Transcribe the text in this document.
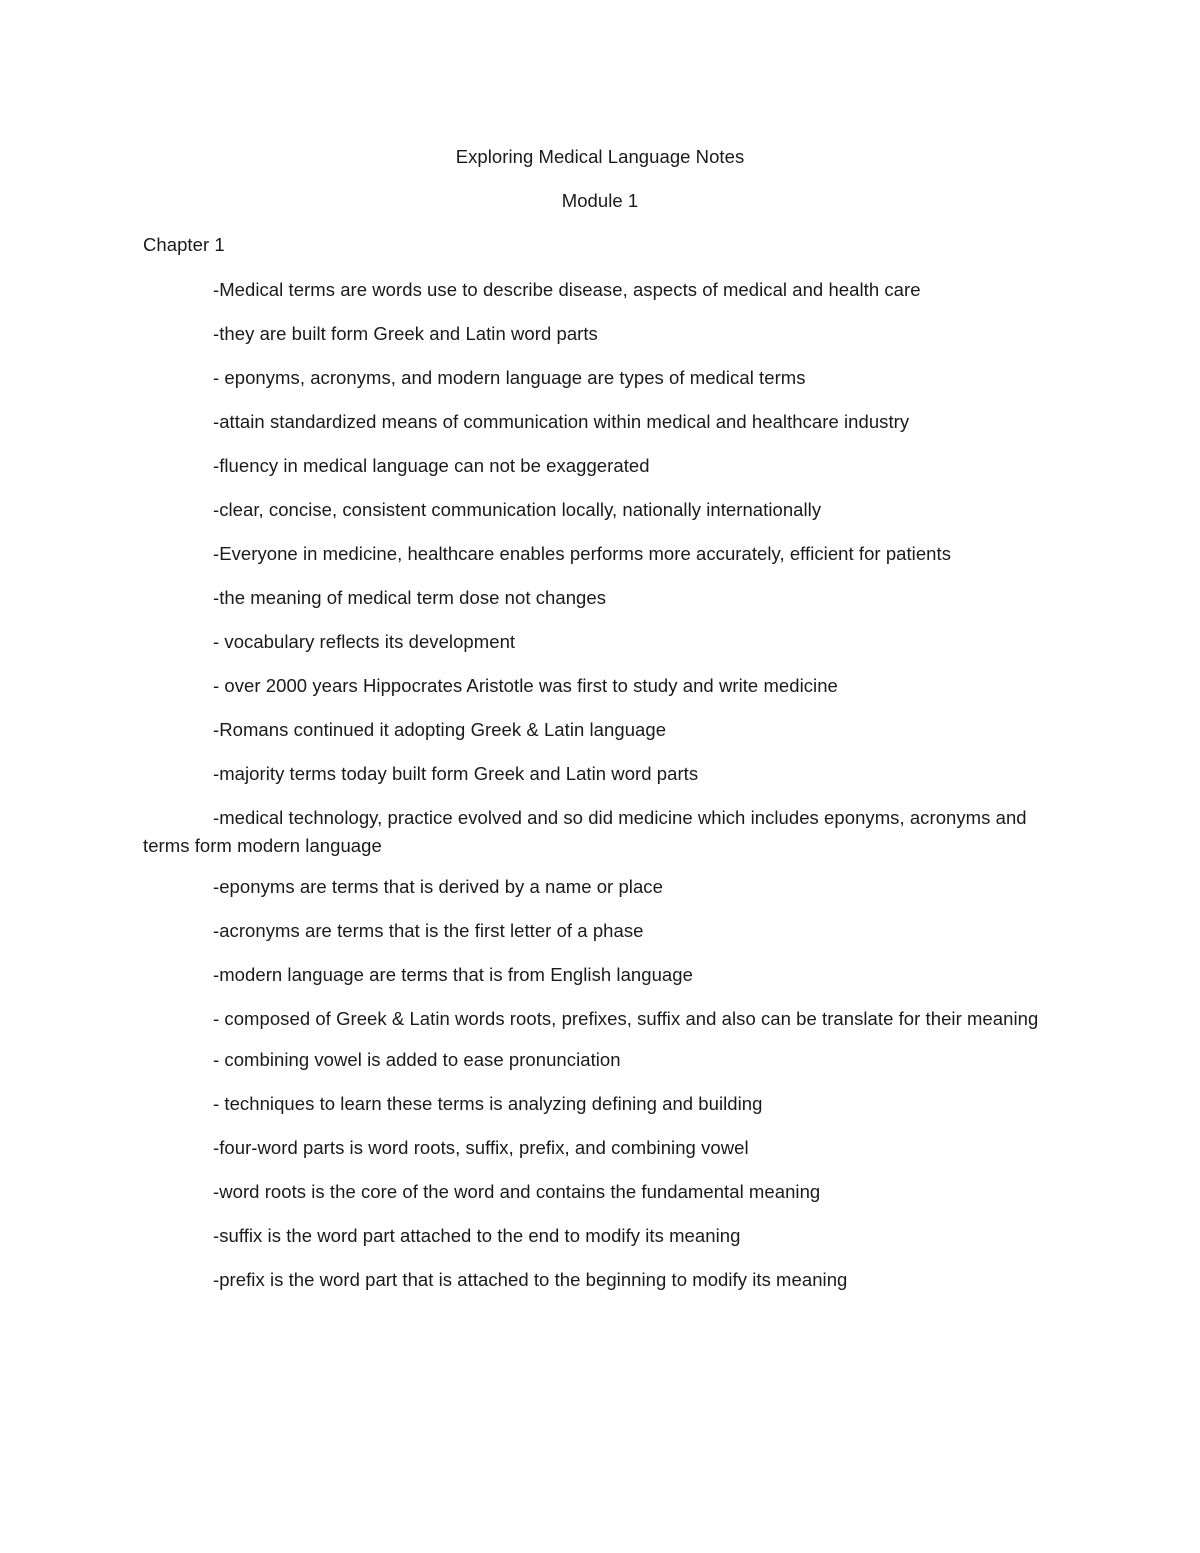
Exploring Medical Language Notes
Module 1
Chapter 1
-Medical terms are words use to describe disease, aspects of medical and health care
-they are built form Greek and Latin word parts
- eponyms, acronyms, and modern language are types of medical terms
-attain standardized means of communication within medical and healthcare industry
-fluency in medical language can not be exaggerated
-clear, concise, consistent communication locally, nationally internationally
-Everyone in medicine, healthcare enables performs more accurately, efficient for patients
-the meaning of medical term dose not changes
- vocabulary reflects its development
- over 2000 years Hippocrates Aristotle was first to study and write medicine
-Romans continued it adopting Greek & Latin language
-majority terms today built form Greek and Latin word parts
-medical technology, practice evolved and so did medicine which includes eponyms, acronyms and terms form modern language
-eponyms are terms that is derived by a name or place
-acronyms are terms that is the first letter of a phase
-modern language are terms that is from English language
- composed of Greek & Latin words roots, prefixes, suffix and also can be translate for their meaning
- combining vowel is added to ease pronunciation
- techniques to learn these terms is analyzing defining and building
-four-word parts is word roots, suffix, prefix, and combining vowel
-word roots is the core of the word and contains the fundamental meaning
-suffix is the word part attached to the end to modify its meaning
-prefix is the word part that is attached to the beginning to modify its meaning
